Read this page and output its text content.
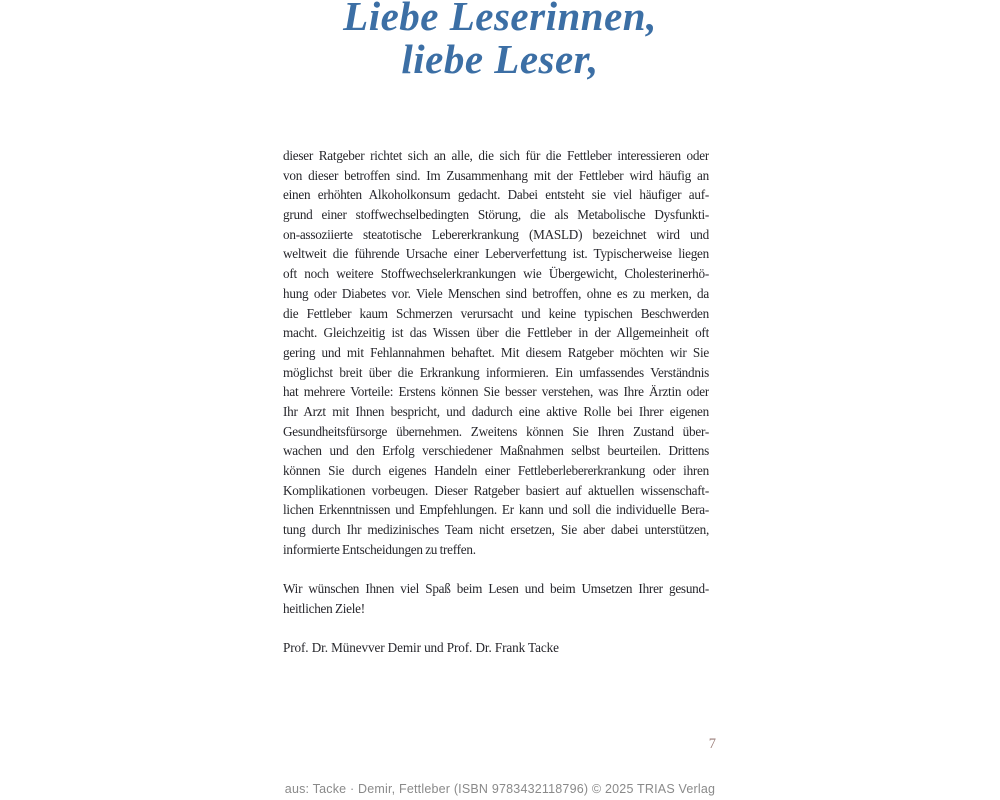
Liebe Leserinnen,
liebe Leser,
dieser Ratgeber richtet sich an alle, die sich für die Fettleber interessieren oder
von dieser betroffen sind. Im Zusammenhang mit der Fettleber wird häufig an
einen erhöhten Alkoholkonsum gedacht. Dabei entsteht sie viel häufiger auf-
grund einer stoffwechselbedingten Störung, die als Metabolische Dysfunkti-
on-assoziierte steatotische Lebererkrankung (MASLD) bezeichnet wird und
weltweit die führende Ursache einer Leberverfettung ist. Typischerweise liegen
oft noch weitere Stoffwechselerkrankungen wie Übergewicht, Cholesterinerhö-
hung oder Diabetes vor. Viele Menschen sind betroffen, ohne es zu merken, da
die Fettleber kaum Schmerzen verursacht und keine typischen Beschwerden
macht. Gleichzeitig ist das Wissen über die Fettleber in der Allgemeinheit oft
gering und mit Fehlannahmen behaftet. Mit diesem Ratgeber möchten wir Sie
möglichst breit über die Erkrankung informieren. Ein umfassendes Verständnis
hat mehrere Vorteile: Erstens können Sie besser verstehen, was Ihre Ärztin oder
Ihr Arzt mit Ihnen bespricht, und dadurch eine aktive Rolle bei Ihrer eigenen
Gesundheitsfürsorge übernehmen. Zweitens können Sie Ihren Zustand über-
wachen und den Erfolg verschiedener Maßnahmen selbst beurteilen. Drittens
können Sie durch eigenes Handeln einer Fettleberlebererkrankung oder ihren
Komplikationen vorbeugen. Dieser Ratgeber basiert auf aktuellen wissenschaft-
lichen Erkenntnissen und Empfehlungen. Er kann und soll die individuelle Bera-
tung durch Ihr medizinisches Team nicht ersetzen, Sie aber dabei unterstützen,
informierte Entscheidungen zu treffen.
Wir wünschen Ihnen viel Spaß beim Lesen und beim Umsetzen Ihrer gesund-
heitlichen Ziele!
Prof. Dr. Münevver Demir und Prof. Dr. Frank Tacke
7
aus: Tacke · Demir, Fettleber (ISBN 9783432118796) © 2025 TRIAS Verlag
